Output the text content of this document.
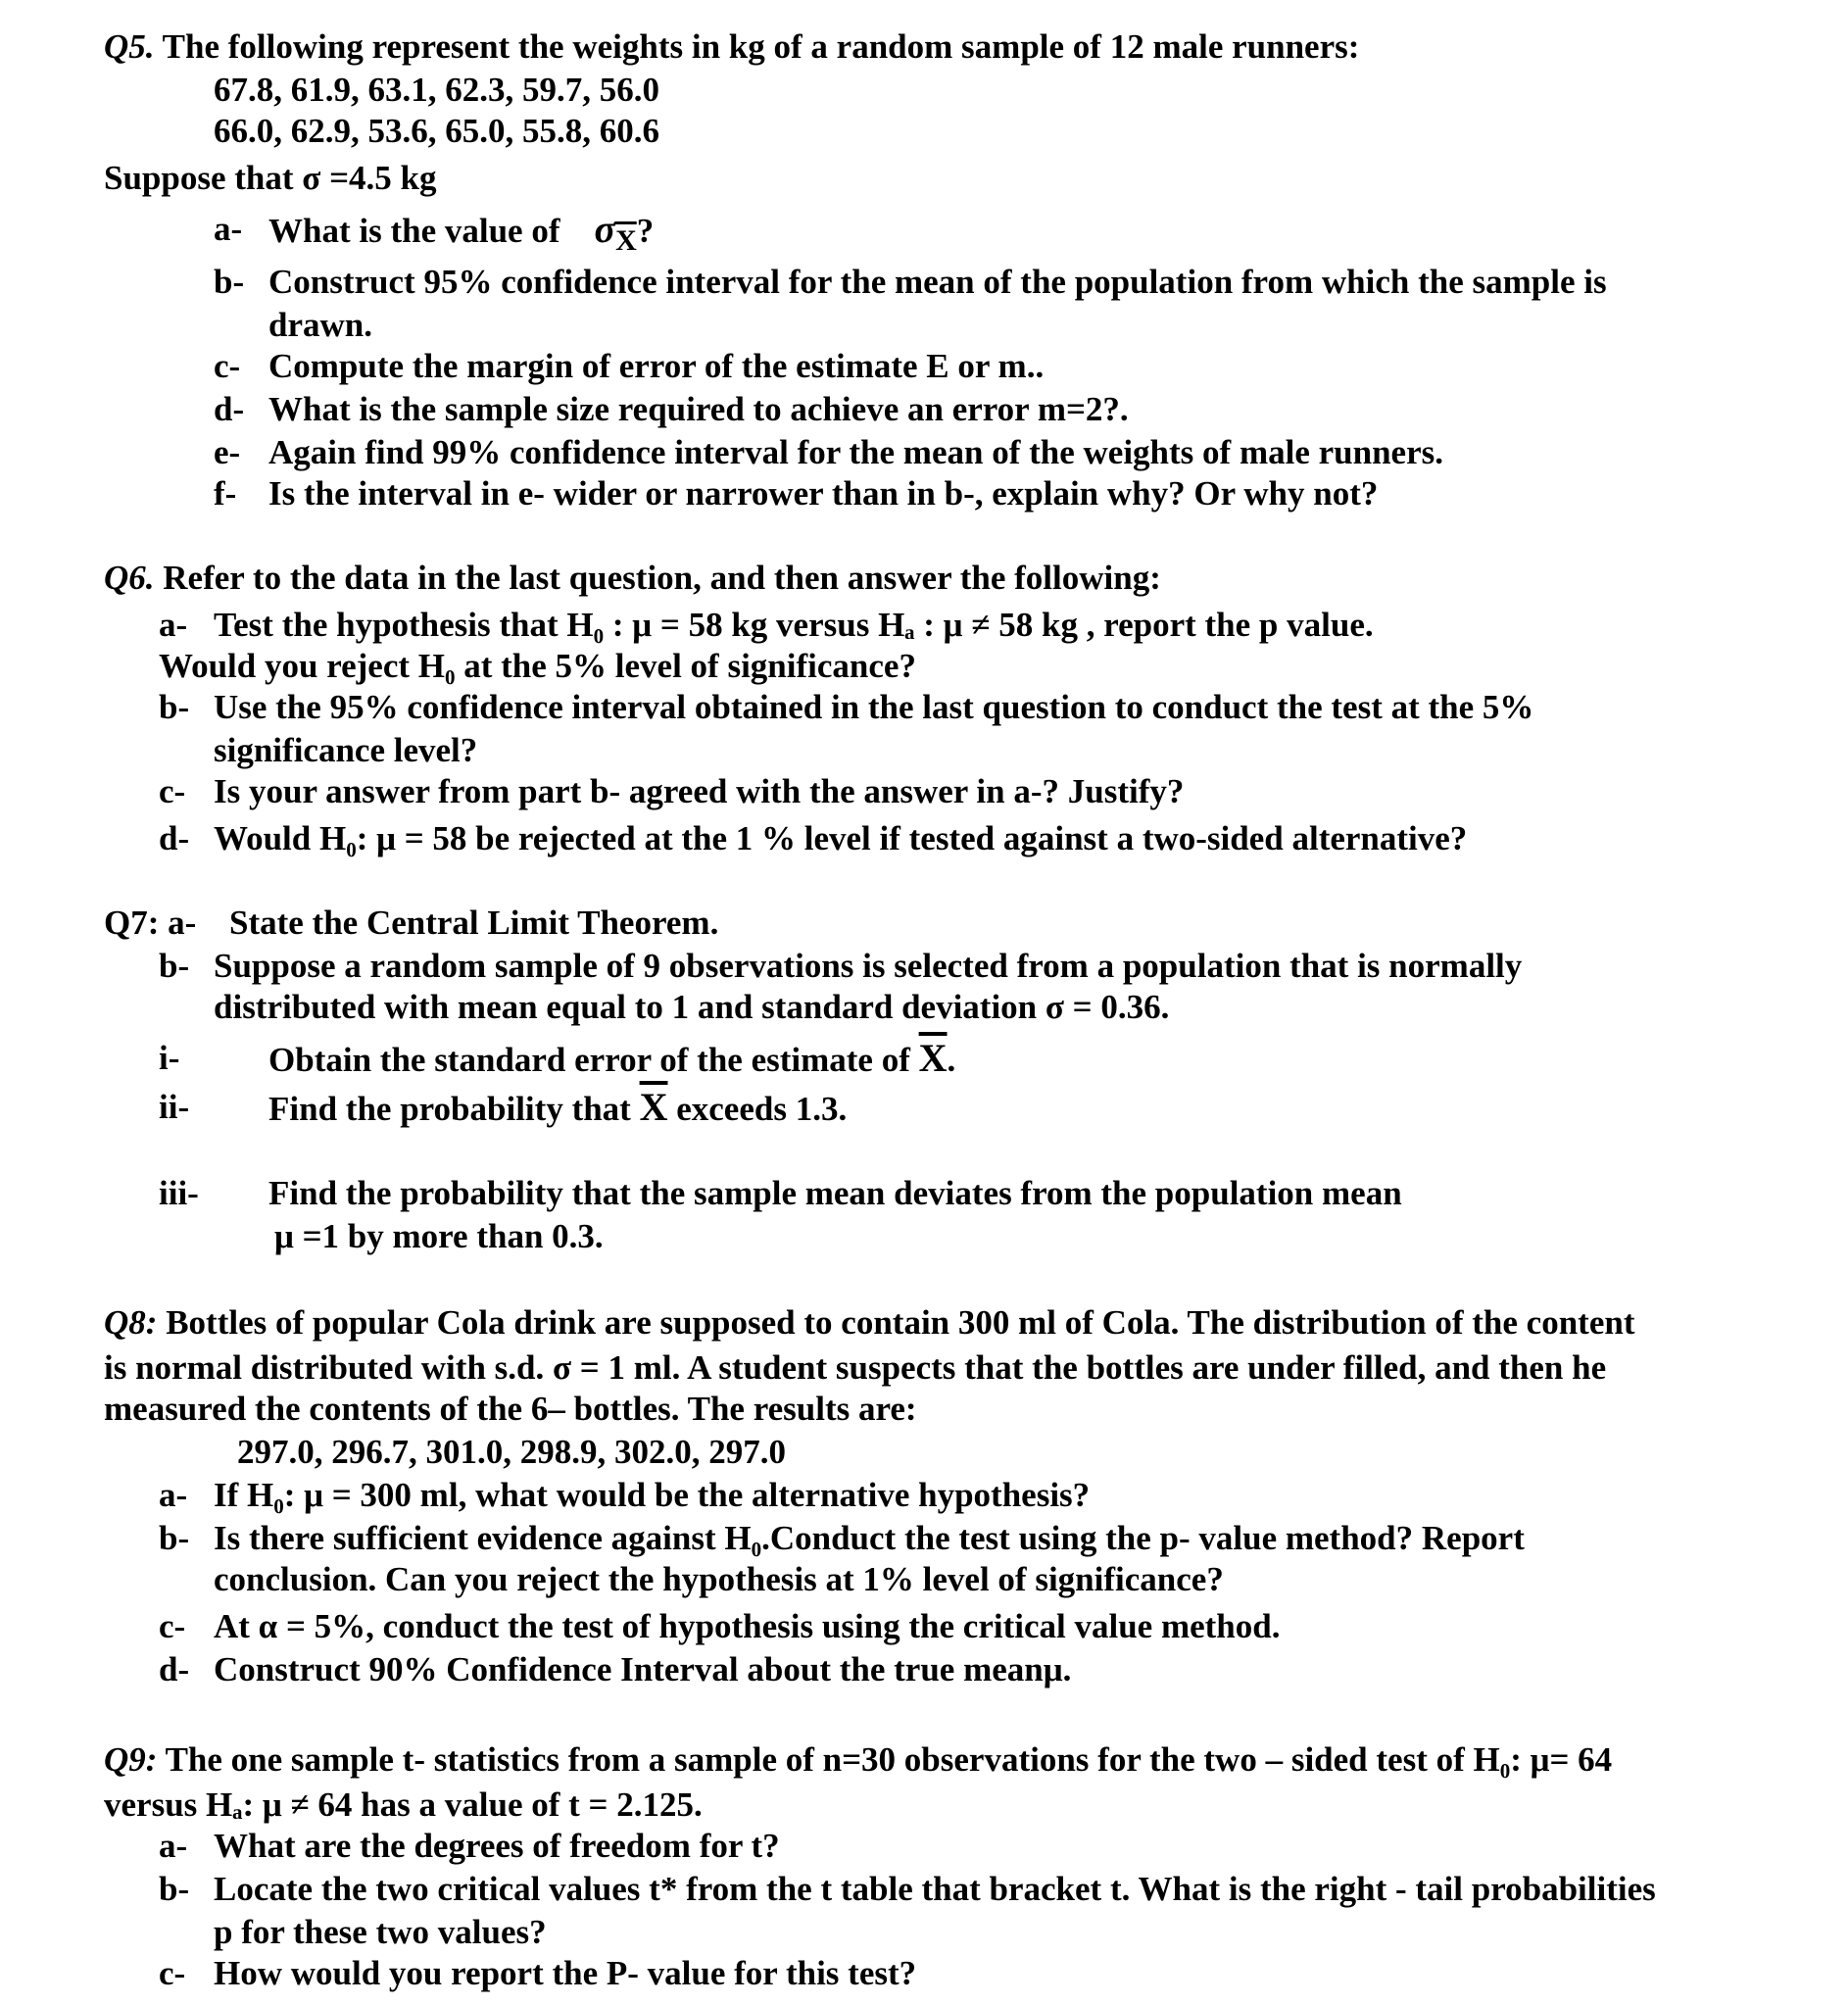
Q5. The following represent the weights in kg of a random sample of 12 male runners:
67.8, 61.9, 63.1, 62.3, 59.7, 56.0
66.0, 62.9, 53.6, 65.0, 55.8, 60.6
Suppose that σ =4.5 kg
a- What is the value of $\sigma_{\overline{X}}$?
b- Construct 95% confidence interval for the mean of the population from which the sample is
drawn.
c- Compute the margin of error of the estimate E or m..
d- What is the sample size required to achieve an error m=2?.
e- Again find 99% confidence interval for the mean of the weights of male runners.
f- Is the interval in e- wider or narrower than in b-, explain why? Or why not?
Q6. Refer to the data in the last question, and then answer the following:
a- Test the hypothesis that H₀ : μ = 58 kg versus Hₐ : μ ≠ 58 kg , report the p value.
Would you reject H₀ at the 5% level of significance?
b- Use the 95% confidence interval obtained in the last question to conduct the test at the 5%
significance level?
c- Is your answer from part b- agreed with the answer in a-? Justify?
d- Would H₀: μ = 58 be rejected at the 1 % level if tested against a two-sided alternative?
Q7: a- State the Central Limit Theorem.
b- Suppose a random sample of 9 observations is selected from a population that is normally
distributed with mean equal to 1 and standard deviation σ = 0.36.
i-	Obtain the standard error of the estimate of $\overline{X}$.
ii- Find the probability that $\overline{X}$ exceeds 1.3.
iii- Find the probability that the sample mean deviates from the population mean
μ =1 by more than 0.3.
Q8: Bottles of popular Cola drink are supposed to contain 300 ml of Cola. The distribution of the content
is normal distributed with s.d. σ = 1 ml. A student suspects that the bottles are under filled, and then he
measured the contents of the 6– bottles. The results are:
297.0, 296.7, 301.0, 298.9, 302.0, 297.0
a- If H₀: μ = 300 ml, what would be the alternative hypothesis?
b- Is there sufficient evidence against H₀.Conduct the test using the p- value method? Report
conclusion. Can you reject the hypothesis at 1% level of significance?
c- At α = 5%, conduct the test of hypothesis using the critical value method.
d- Construct 90% Confidence Interval about the true meanμ.
Q9: The one sample t- statistics from a sample of n=30 observations for the two – sided test of H₀: μ= 64
versus Hₐ: μ ≠ 64 has a value of t = 2.125.
a- What are the degrees of freedom for t?
b- Locate the two critical values t* from the t table that bracket t. What is the right - tail probabilities
p for these two values?
c- How would you report the P- value for this test?
